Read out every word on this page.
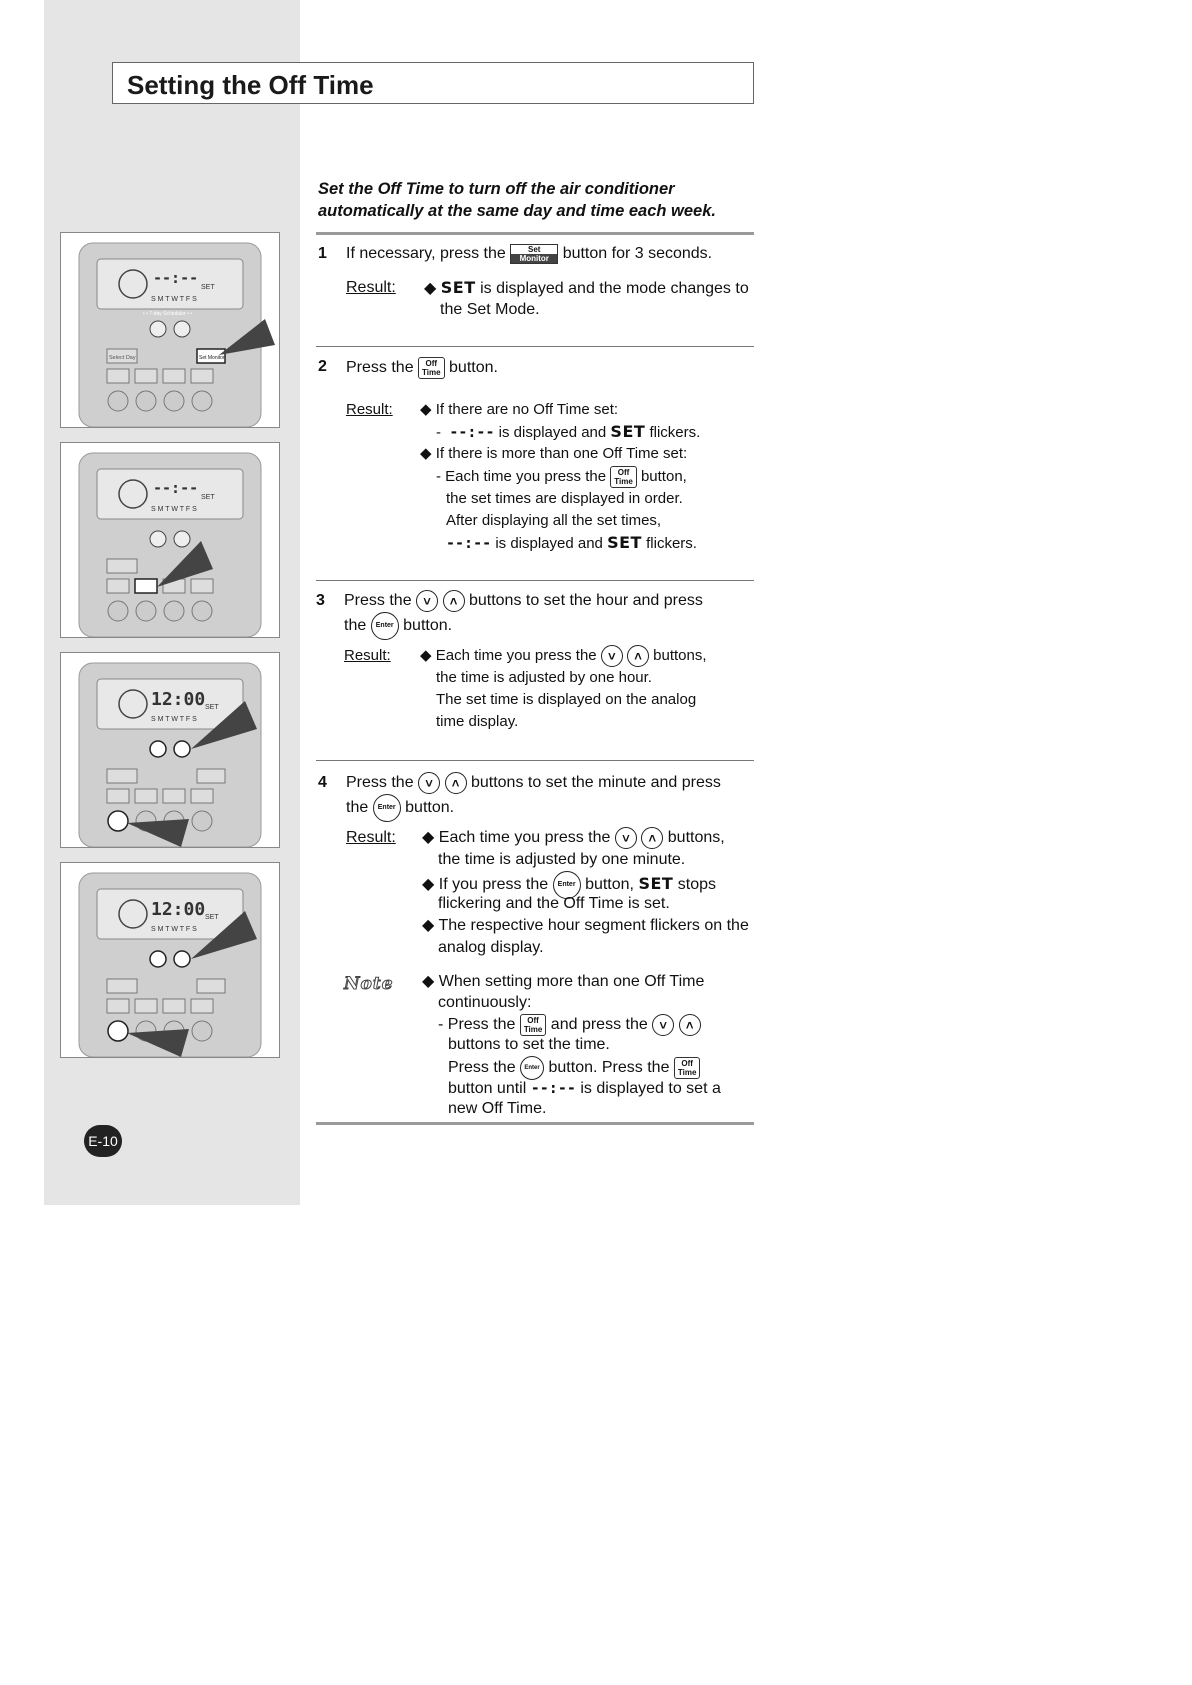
Setting the Off Time
Set the Off Time to turn off the air conditioner
automatically at the same day and time each week.
1 If necessary, press the	Set
Monitor button for 3 seconds.
Result: ◆ SET is displayed and the mode changes to
the Set Mode.
2 Press the	Off
Time button.
Result: ◆ If there are no Off Time set:
- --:-- is displayed and SET flickers.
◆ If there is more than one Off Time set:
- Each time you press the	Off
Time button,
the set times are displayed in order.
After displaying all the set times,
--:-- is displayed and SET flickers.
3 Press the ˅ ˄ buttons to set the hour and press
the Enter button.
Result: ◆ Each time you press the ˅ ˄ buttons,
the time is adjusted by one hour.
The set time is displayed on the analog
time display.
4 Press the ˅ ˄ buttons to set the minute and press
the Enter button.
Result: ◆ Each time you press the ˅ ˄ buttons,
the time is adjusted by one minute.
◆ If you press the Enter button, SET stops
flickering and the Off Time is set.
◆ The respective hour segment flickers on the
analog display.
Note ◆ When setting more than one Off Time
continuously:
- Press the	Off
Time and press the ˅ ˄
buttons to set the time.
Press the Enter button. Press the	Off
Time
button until --:-- is displayed to set a
new Off Time.
--:--
SET
S M T W T F S
• • 7-day Scheduler • •
Select Day	Set Monitor
--:--
SET
S M T W T F S
12:00 SET
S M T W T F S
12:00 SET
S M T W T F S
E-10
